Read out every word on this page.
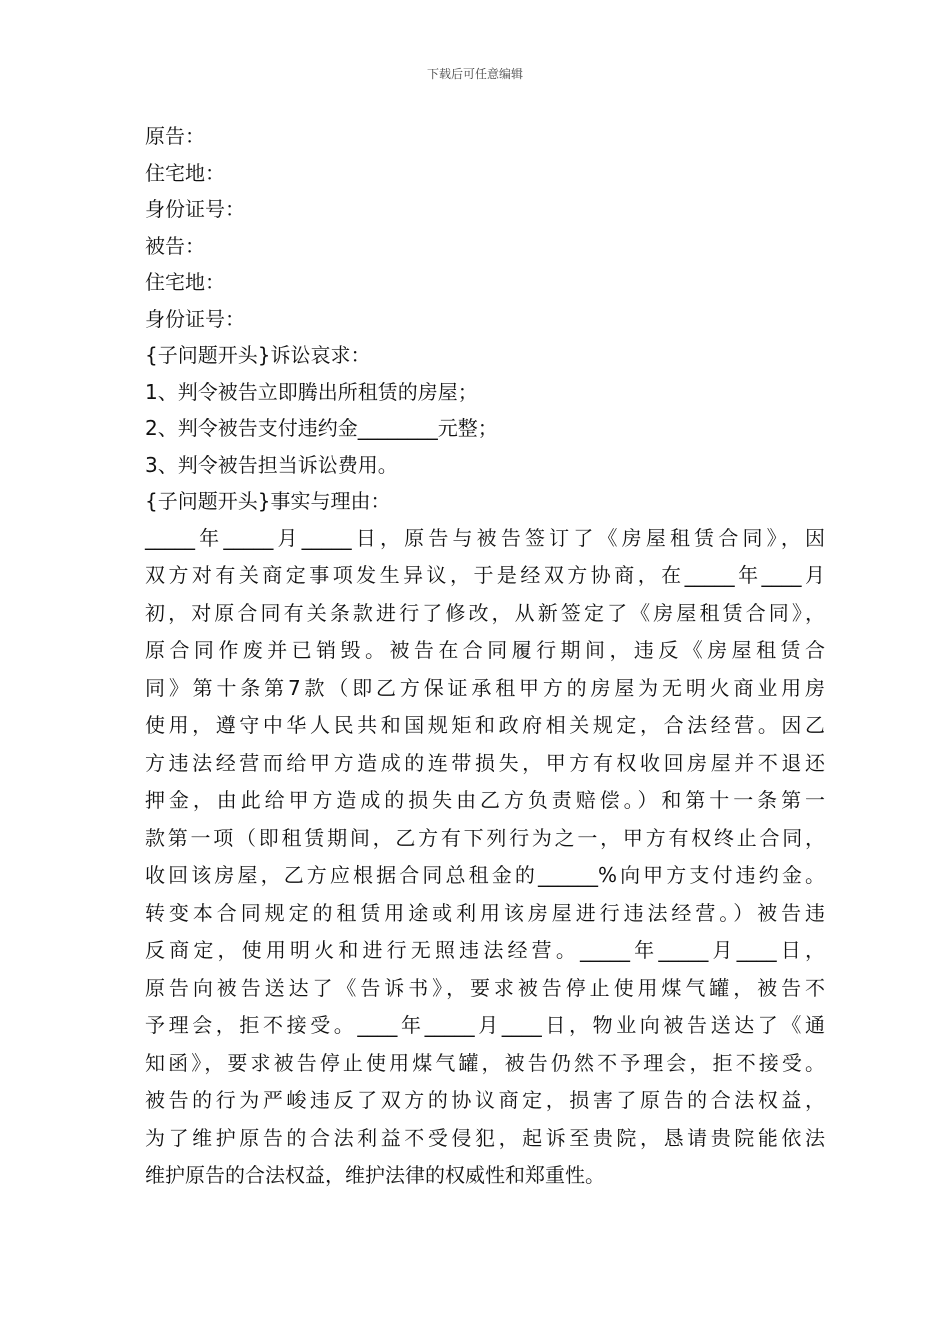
下载后可任意编辑
原告：
住宅地：
身份证号：
被告：
住宅地：
身份证号：
{子问题开头}诉讼哀求：
1、判令被告立即腾出所租赁的房屋；
2、判令被告支付违约金________元整；
3、判令被告担当诉讼费用。
{子问题开头}事实与理由：
_____年_____月_____日，原告与被告签订了《房屋租赁合同》，因
双方对有关商定事项发生异议，于是经双方协商，在_____年____月
初，对原合同有关条款进行了修改，从新签定了《房屋租赁合同》，
原合同作废并已销毁。被告在合同履行期间，违反《房屋租赁合
同》第十条第7款（即乙方保证承租甲方的房屋为无明火商业用房
使用，遵守中华人民共和国规矩和政府相关规定，合法经营。因乙
方违法经营而给甲方造成的连带损失，甲方有权收回房屋并不退还
押金，由此给甲方造成的损失由乙方负责赔偿。）和第十一条第一
款第一项（即租赁期间，乙方有下列行为之一，甲方有权终止合同，
收回该房屋，乙方应根据合同总租金的______%向甲方支付违约金。
转变本合同规定的租赁用途或利用该房屋进行违法经营。）被告违
反商定，使用明火和进行无照违法经营。_____年_____月____日，
原告向被告送达了《告诉书》，要求被告停止使用煤气罐，被告不
予理会，拒不接受。____年_____月____日，物业向被告送达了《通
知函》，要求被告停止使用煤气罐，被告仍然不予理会，拒不接受。
被告的行为严峻违反了双方的协议商定，损害了原告的合法权益，
为了维护原告的合法利益不受侵犯，起诉至贵院，恳请贵院能依法
维护原告的合法权益，维护法律的权威性和郑重性。
